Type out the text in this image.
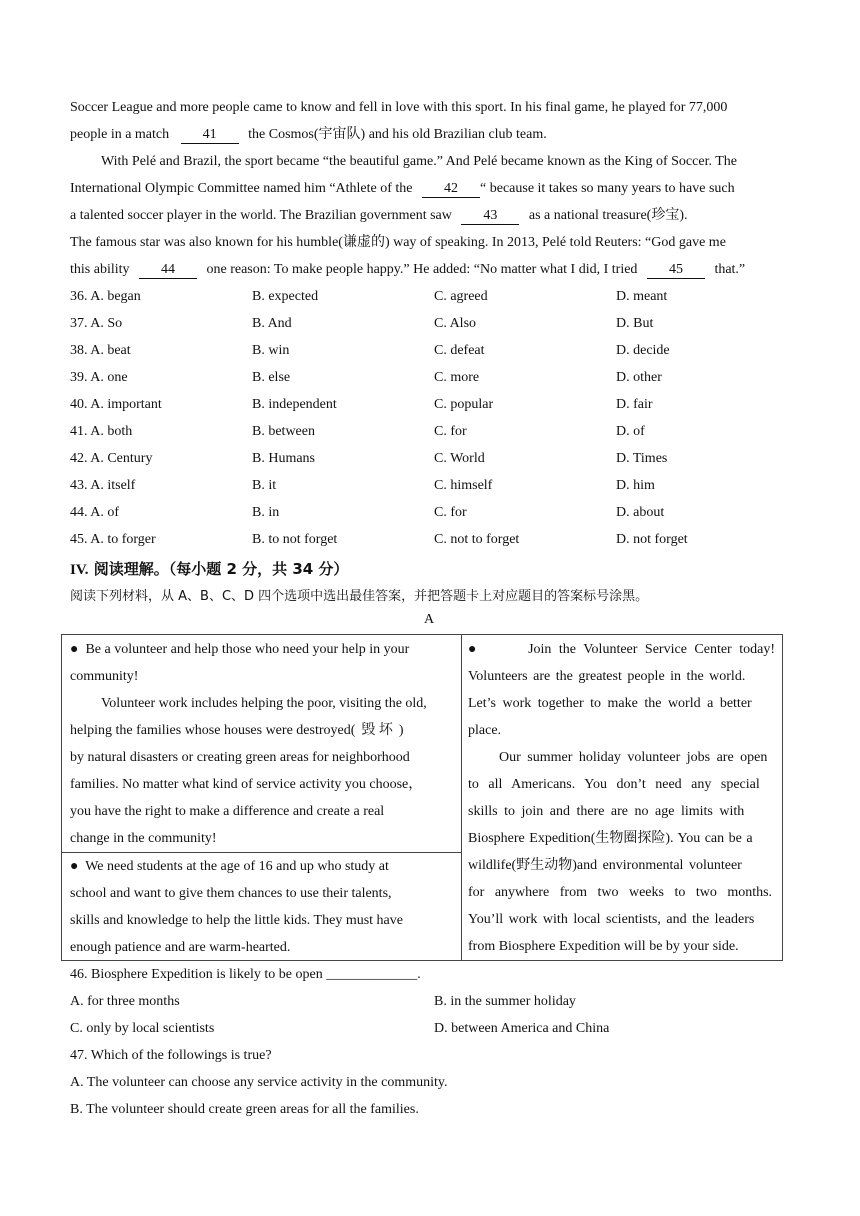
Soccer League and more people came to know and fell in love with this sport. In his final game, he played for 77,000
people in a match 41 the Cosmos(宇宙队) and his old Brazilian club team.
With Pelé and Brazil, the sport became “the beautiful game.” And Pelé became known as the King of Soccer. The
International Olympic Committee named him “Athlete of the 42 “ because it takes so many years to have such
a talented soccer player in the world. The Brazilian government saw 43 as a national treasure(珍宝).
The famous star was also known for his humble(谦虚的) way of speaking. In 2013, Pelé told Reuters: “God gave me
this ability 44 one reason: To make people happy.” He added: “No matter what I did, I tried 45 that.”
36. A. began	B. expected	C. agreed	D. meant
37. A. So	B. And	C. Also	D. But
38. A. beat	B. win	C. defeat	D. decide
39. A. one	B. else	C. more	D. other
40. A. important	B. independent	C. popular	D. fair
41. A. both	B. between	C. for	D. of
42. A. Century	B. Humans	C. World	D. Times
43. A. itself	B. it	C. himself	D. him
44. A. of	B. in	C. for	D. about
45. A. to forger	B. to not forget	C. not to forget	D. not forget
IV. 阅读理解。（每小题 2 分，共 34 分）
阅读下列材料，从 A、B、C、D 四个选项中选出最佳答案，并把答题卡上对应题目的答案标号涂黑。
A
● Be a volunteer and help those who need your help in your
community!
Volunteer work includes helping the poor, visiting the old,
helping the families whose houses were destroyed( 毁 坏 )
by natural disasters or creating green areas for neighborhood
families. No matter what kind of service activity you choose，
you have the right to make a difference and create a real
change in the community!
● We need students at the age of 16 and up who study at
school and want to give them chances to use their talents,
skills and knowledge to help the little kids. They must have
enough patience and are warm-hearted.
●	Join the Volunteer Service Center today!
Volunteers are the greatest people in the world.
Let’s work together to make the world a better
place.
Our summer holiday volunteer jobs are open
to all Americans. You don’t need any special
skills to join and there are no age limits with
Biosphere Expedition(生物圈探险). You can be a
wildlife(野生动物)and environmental volunteer
for anywhere from two weeks to two months.
You’ll work with local scientists, and the leaders
from Biosphere Expedition will be by your side.
46. Biosphere Expedition is likely to be open _____________.
A. for three months	B. in the summer holiday
C. only by local scientists	D. between America and China
47. Which of the followings is true?
A. The volunteer can choose any service activity in the community.
B. The volunteer should create green areas for all the families.
